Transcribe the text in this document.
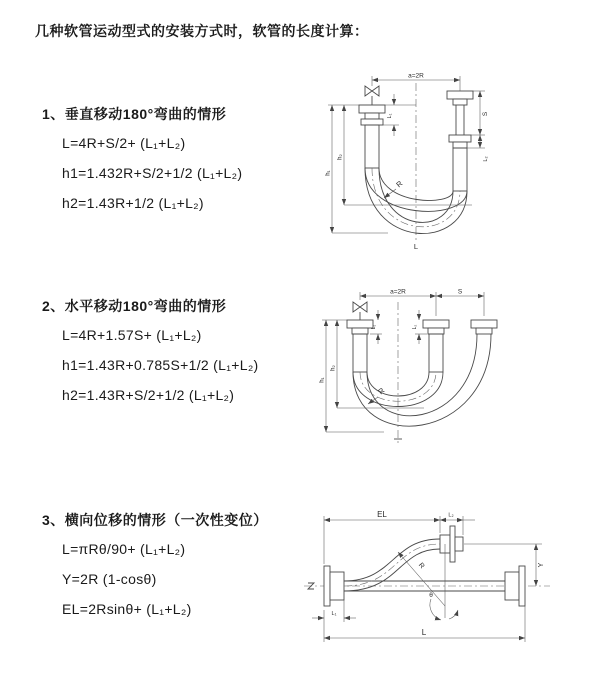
几种软管运动型式的安装方式时，软管的长度计算：
1、垂直移动180°弯曲的情形
L=4R+S/2+ (L₁+L₂)
h1=1.432R+S/2+1/2 (L₁+L₂)
h2=1.43R+1/2 (L₁+L₂)
a=2R
h₁
h₂
L₁	S
L₂
R
L
2、水平移动180°弯曲的情形
L=4R+1.57S+ (L₁+L₂)
h1=1.43R+0.785S+1/2 (L₁+L₂)
h2=1.43R+S/2+1/2 (L₁+L₂)
a=2R	S
h₁
h₂
L₁	L₂
R
3、横向位移的情形（一次性变位）
L=πRθ/90+ (L₁+L₂)
Y=2R (1-cosθ)
EL=2Rsinθ+ (L₁+L₂)
θ
R
EL	L₂
Y
L
L₁
